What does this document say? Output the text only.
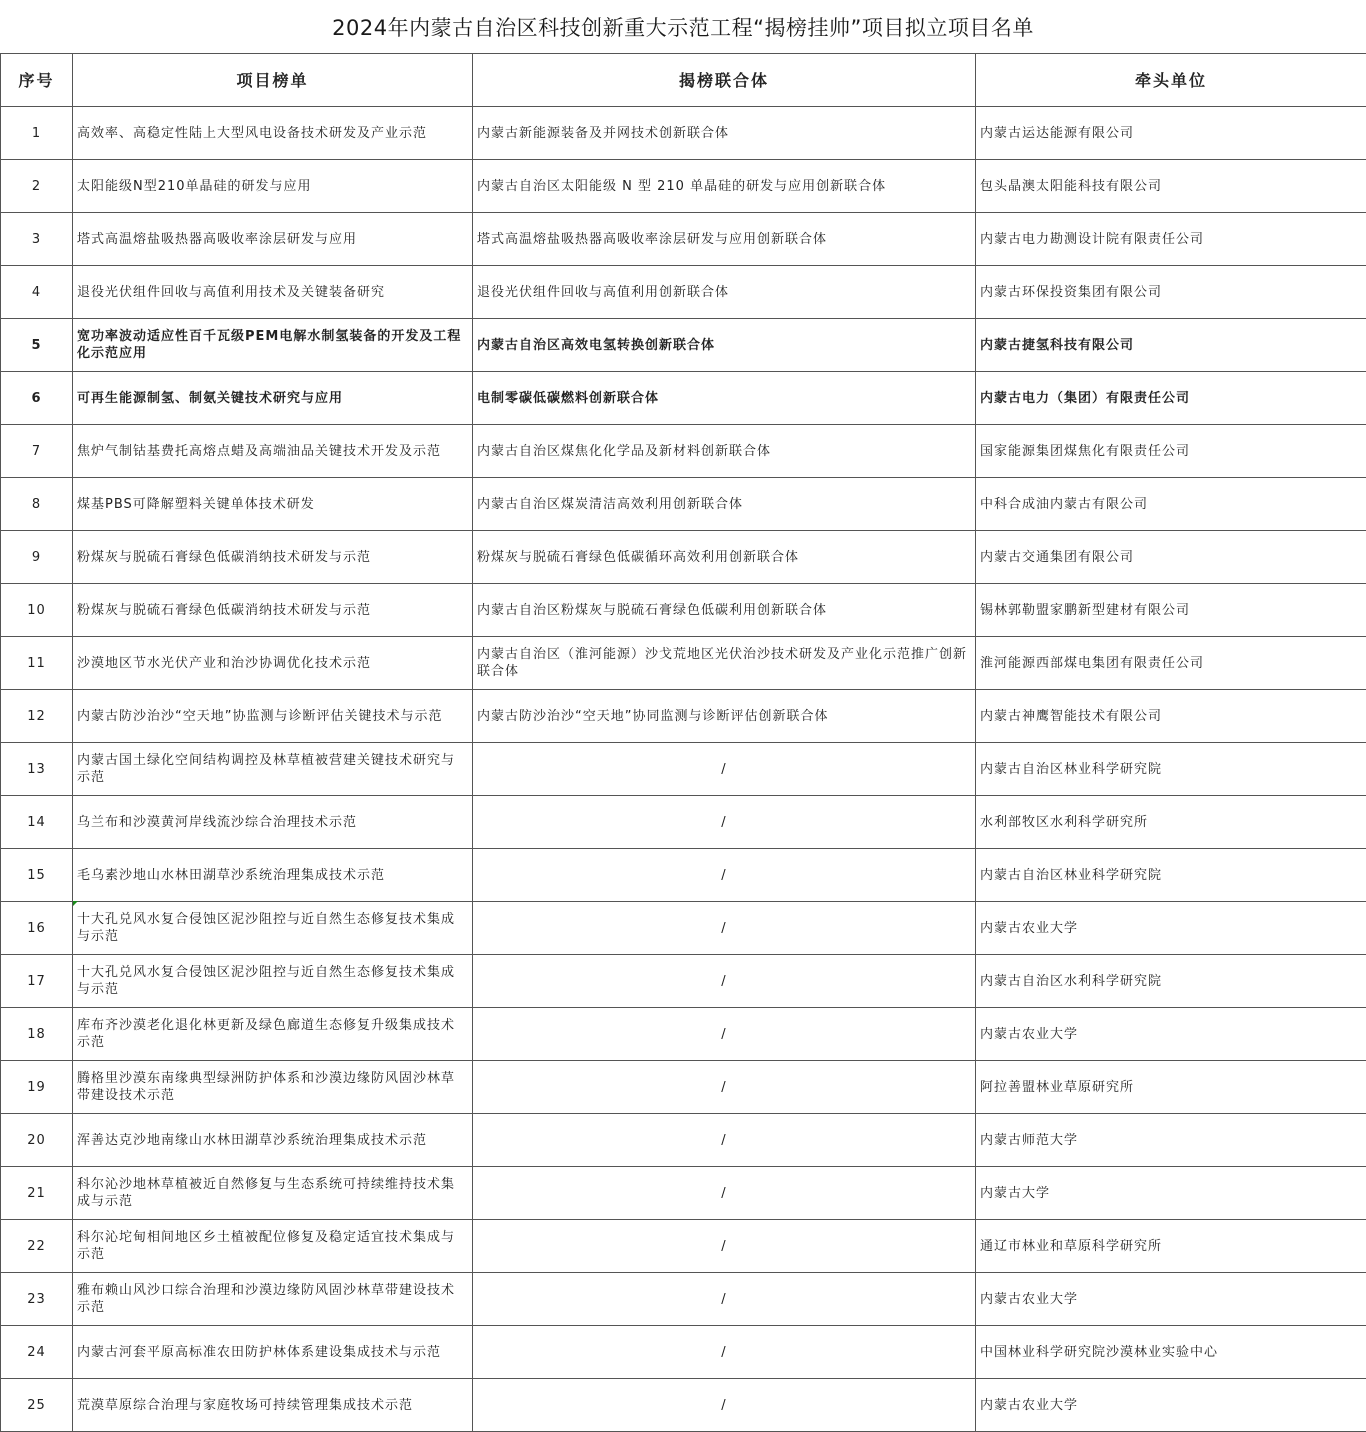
2024年内蒙古自治区科技创新重大示范工程“揭榜挂帅”项目拟立项目名单
序号	项目榜单	揭榜联合体	牵头单位
1	高效率、高稳定性陆上大型风电设备技术研发及产业示范	内蒙古新能源装备及并网技术创新联合体	内蒙古运达能源有限公司
2	太阳能级N型210单晶硅的研发与应用	内蒙古自治区太阳能级 N 型 210 单晶硅的研发与应用创新联合体	包头晶澳太阳能科技有限公司
3	塔式高温熔盐吸热器高吸收率涂层研发与应用	塔式高温熔盐吸热器高吸收率涂层研发与应用创新联合体	内蒙古电力勘测设计院有限责任公司
4	退役光伏组件回收与高值利用技术及关键装备研究	退役光伏组件回收与高值利用创新联合体	内蒙古环保投资集团有限公司
5	宽功率波动适应性百千瓦级PEM电解水制氢装备的开发及工程化示范应用	内蒙古自治区高效电氢转换创新联合体	内蒙古捷氢科技有限公司
6	可再生能源制氢、制氨关键技术研究与应用	电制零碳低碳燃料创新联合体	内蒙古电力（集团）有限责任公司
7	焦炉气制钴基费托高熔点蜡及高端油品关键技术开发及示范	内蒙古自治区煤焦化化学品及新材料创新联合体	国家能源集团煤焦化有限责任公司
8	煤基PBS可降解塑料关键单体技术研发	内蒙古自治区煤炭清洁高效利用创新联合体	中科合成油内蒙古有限公司
9	粉煤灰与脱硫石膏绿色低碳消纳技术研发与示范	粉煤灰与脱硫石膏绿色低碳循环高效利用创新联合体	内蒙古交通集团有限公司
10	粉煤灰与脱硫石膏绿色低碳消纳技术研发与示范	内蒙古自治区粉煤灰与脱硫石膏绿色低碳利用创新联合体	锡林郭勒盟家鹏新型建材有限公司
11	沙漠地区节水光伏产业和治沙协调优化技术示范	内蒙古自治区（淮河能源）沙戈荒地区光伏治沙技术研发及产业化示范推广创新联合体	淮河能源西部煤电集团有限责任公司
12	内蒙古防沙治沙“空天地”协监测与诊断评估关键技术与示范	内蒙古防沙治沙“空天地”协同监测与诊断评估创新联合体	内蒙古神鹰智能技术有限公司
13	内蒙古国土绿化空间结构调控及林草植被营建关键技术研究与示范	/	内蒙古自治区林业科学研究院
14	乌兰布和沙漠黄河岸线流沙综合治理技术示范	/	水利部牧区水利科学研究所
15	毛乌素沙地山水林田湖草沙系统治理集成技术示范	/	内蒙古自治区林业科学研究院
16	十大孔兑风水复合侵蚀区泥沙阻控与近自然生态修复技术集成与示范	/	内蒙古农业大学
17	十大孔兑风水复合侵蚀区泥沙阻控与近自然生态修复技术集成与示范	/	内蒙古自治区水利科学研究院
18	库布齐沙漠老化退化林更新及绿色廊道生态修复升级集成技术示范	/	内蒙古农业大学
19	腾格里沙漠东南缘典型绿洲防护体系和沙漠边缘防风固沙林草带建设技术示范	/	阿拉善盟林业草原研究所
20	浑善达克沙地南缘山水林田湖草沙系统治理集成技术示范	/	内蒙古师范大学
21	科尔沁沙地林草植被近自然修复与生态系统可持续维持技术集成与示范	/	内蒙古大学
22	科尔沁坨甸相间地区乡土植被配位修复及稳定适宜技术集成与示范	/	通辽市林业和草原科学研究所
23	雅布赖山风沙口综合治理和沙漠边缘防风固沙林草带建设技术示范	/	内蒙古农业大学
24	内蒙古河套平原高标准农田防护林体系建设集成技术与示范	/	中国林业科学研究院沙漠林业实验中心
25	荒漠草原综合治理与家庭牧场可持续管理集成技术示范	/	内蒙古农业大学
